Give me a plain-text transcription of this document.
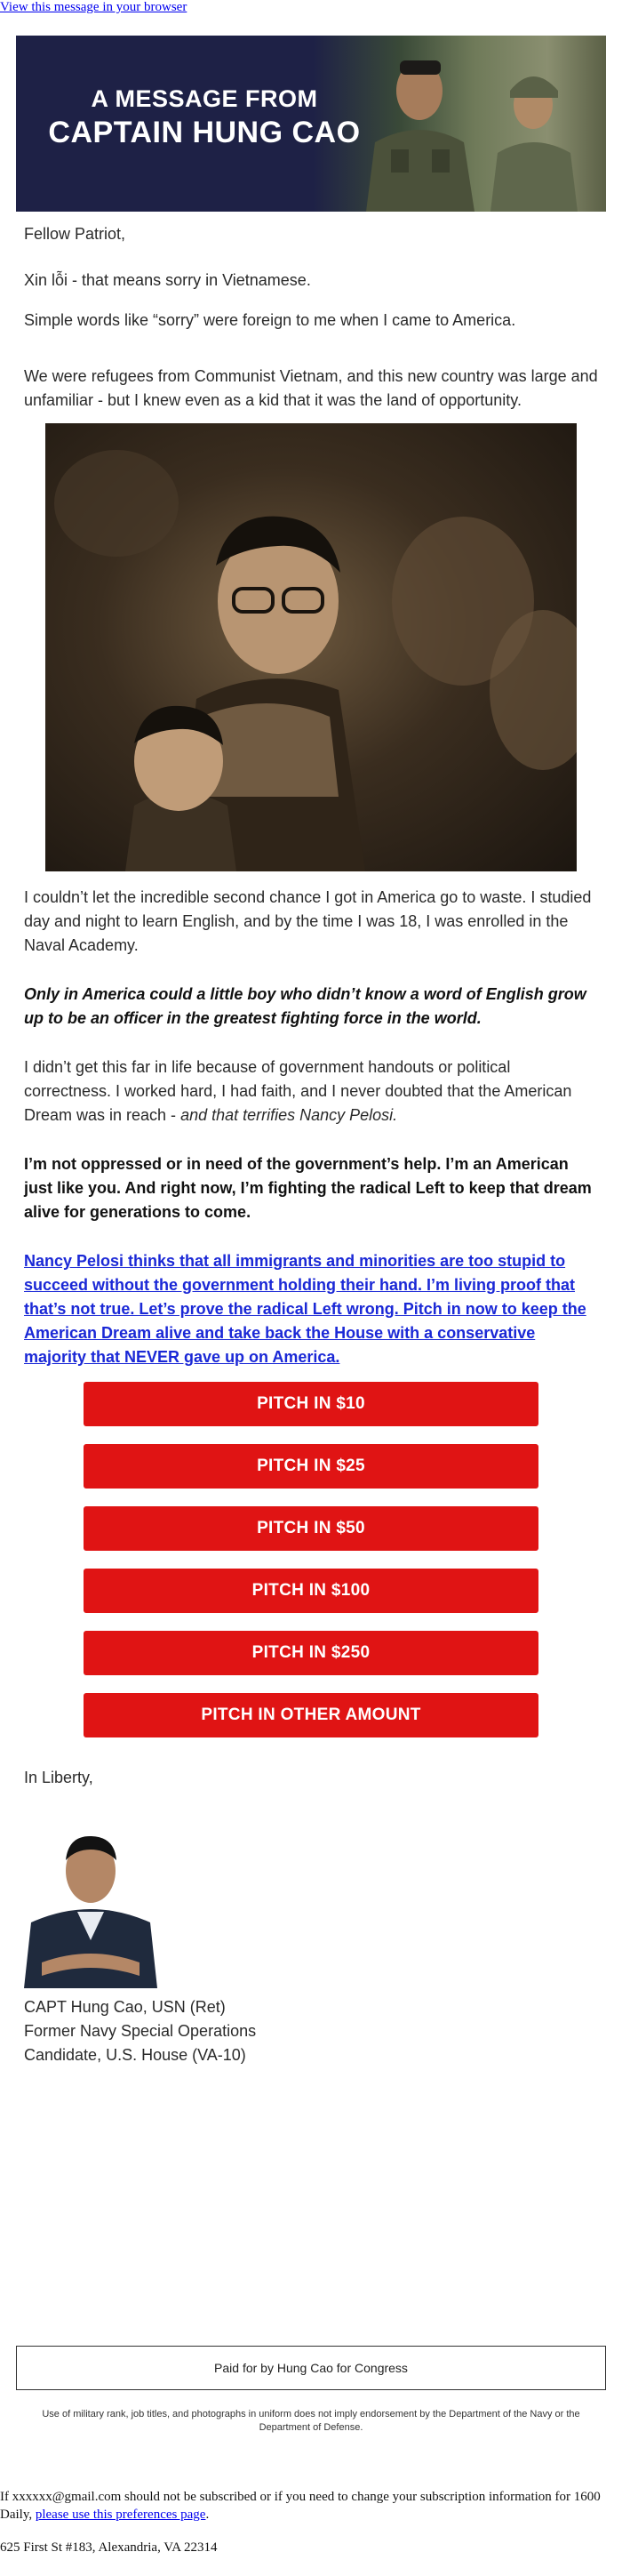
View this message in your browser
A MESSAGE FROM
CAPTAIN HUNG CAO

Fellow Patriot,

Xin lỗi - that means sorry in Vietnamese.

Simple words like “sorry” were foreign to me when I came to America.

We were refugees from Communist Vietnam, and this new country was large and unfamiliar - but I knew even as a kid that it was the land of opportunity.

I couldn’t let the incredible second chance I got in America go to waste. I studied day and night to learn English, and by the time I was 18, I was enrolled in the Naval Academy.

Only in America could a little boy who didn’t know a word of English grow up to be an officer in the greatest fighting force in the world.

I didn’t get this far in life because of government handouts or political correctness. I worked hard, I had faith, and I never doubted that the American Dream was in reach - and that terrifies Nancy Pelosi.

I’m not oppressed or in need of the government’s help. I’m an American just like you. And right now, I’m fighting the radical Left to keep that dream alive for generations to come.

Nancy Pelosi thinks that all immigrants and minorities are too stupid to succeed without the government holding their hand. I’m living proof that that’s not true. Let’s prove the radical Left wrong. Pitch in now to keep the American Dream alive and take back the House with a conservative majority that NEVER gave up on America.
PITCH IN $10
PITCH IN $25
PITCH IN $50
PITCH IN $100
PITCH IN $250
PITCH IN OTHER AMOUNT

In Liberty,

CAPT Hung Cao, USN (Ret)

Former Navy Special Operations

Candidate, U.S. House (VA-10)

Paid for by Hung Cao for Congress
Use of military rank, job titles, and photographs in uniform does not imply endorsement by the Department of the Navy or the Department of Defense.
If xxxxxx@gmail.com should not be subscribed or if you need to change your subscription information for 1600 Daily, please use this preferences page.
625 First St #183, Alexandria, VA 22314
